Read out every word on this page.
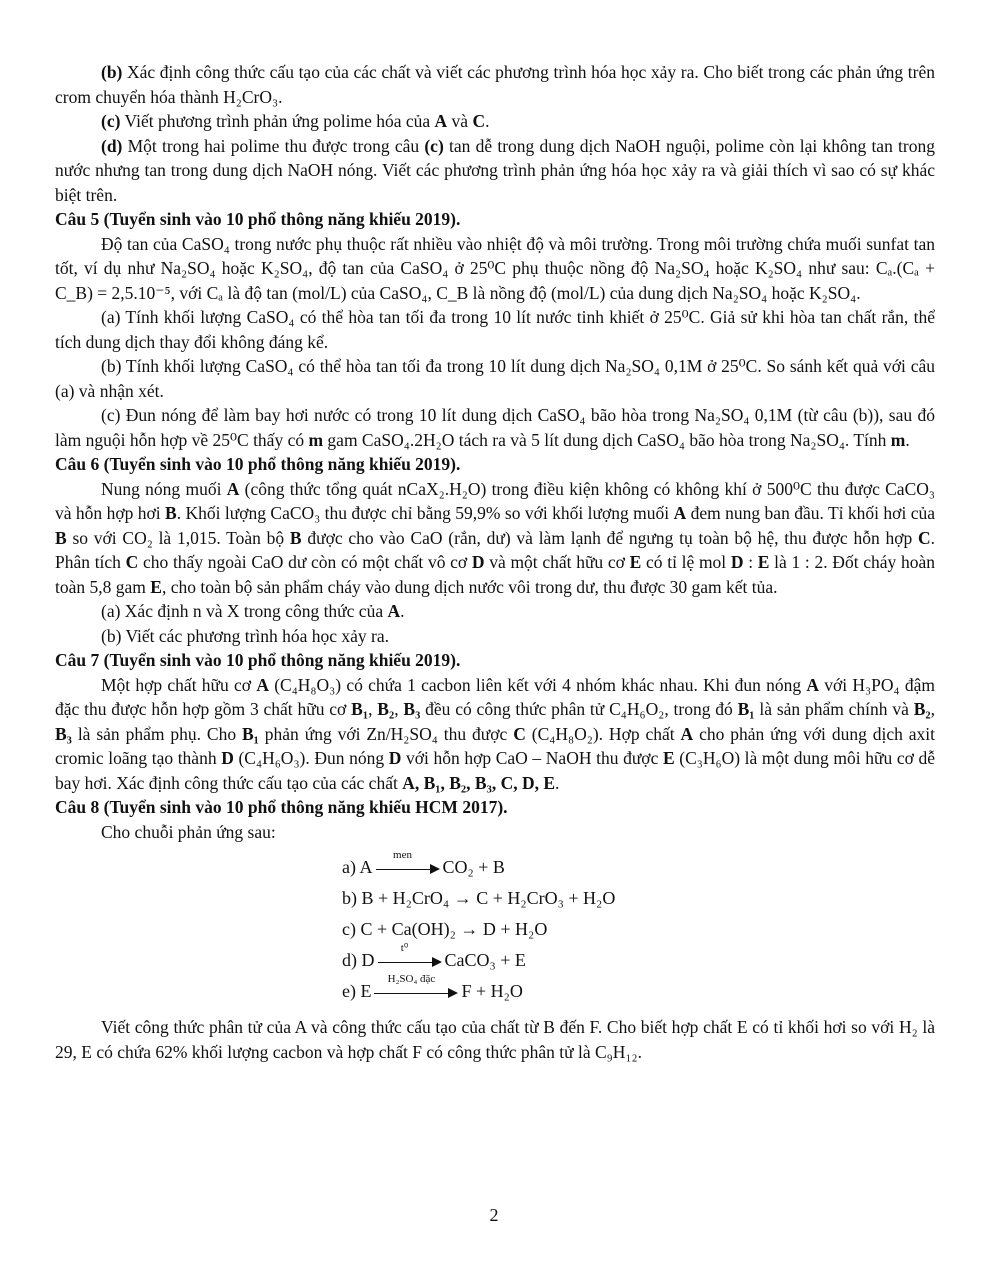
(b) Xác định công thức cấu tạo của các chất và viết các phương trình hóa học xảy ra. Cho biết trong các phản ứng trên crom chuyển hóa thành H₂CrO₃.

(c) Viết phương trình phản ứng polime hóa của A và C.

(d) Một trong hai polime thu được trong câu (c) tan dễ trong dung dịch NaOH nguội, polime còn lại không tan trong nước nhưng tan trong dung dịch NaOH nóng. Viết các phương trình phản ứng hóa học xảy ra và giải thích vì sao có sự khác biệt trên.

Câu 5 (Tuyển sinh vào 10 phổ thông năng khiếu 2019).

Độ tan của CaSO₄ trong nước phụ thuộc rất nhiều vào nhiệt độ và môi trường. Trong môi trường chứa muối sunfat tan tốt, ví dụ như Na₂SO₄ hoặc K₂SO₄, độ tan của CaSO₄ ở 25⁰C phụ thuộc nồng độ Na₂SO₄ hoặc K₂SO₄ như sau: Cₐ.(Cₐ + C_B) = 2,5.10⁻⁵, với Cₐ là độ tan (mol/L) của CaSO₄, C_B là nồng độ (mol/L) của dung dịch Na₂SO₄ hoặc K₂SO₄.

(a) Tính khối lượng CaSO₄ có thể hòa tan tối đa trong 10 lít nước tinh khiết ở 25⁰C. Giả sử khi hòa tan chất rắn, thể tích dung dịch thay đổi không đáng kể.

(b) Tính khối lượng CaSO₄ có thể hòa tan tối đa trong 10 lít dung dịch Na₂SO₄ 0,1M ở 25⁰C. So sánh kết quả với câu (a) và nhận xét.

(c) Đun nóng để làm bay hơi nước có trong 10 lít dung dịch CaSO₄ bão hòa trong Na₂SO₄ 0,1M (từ câu (b)), sau đó làm nguội hỗn hợp về 25⁰C thấy có m gam CaSO₄.2H₂O tách ra và 5 lít dung dịch CaSO₄ bão hòa trong Na₂SO₄. Tính m.

Câu 6 (Tuyển sinh vào 10 phổ thông năng khiếu 2019).

Nung nóng muối A (công thức tổng quát nCaX₂.H₂O) trong điều kiện không có không khí ở 500⁰C thu được CaCO₃ và hỗn hợp hơi B. Khối lượng CaCO₃ thu được chỉ bằng 59,9% so với khối lượng muối A đem nung ban đầu. Tỉ khối hơi của B so với CO₂ là 1,015. Toàn bộ B được cho vào CaO (rắn, dư) và làm lạnh để ngưng tụ toàn bộ hệ, thu được hỗn hợp C. Phân tích C cho thấy ngoài CaO dư còn có một chất vô cơ D và một chất hữu cơ E có tỉ lệ mol D : E là 1 : 2. Đốt cháy hoàn toàn 5,8 gam E, cho toàn bộ sản phẩm cháy vào dung dịch nước vôi trong dư, thu được 30 gam kết tủa.

(a) Xác định n và X trong công thức của A.

(b) Viết các phương trình hóa học xảy ra.

Câu 7 (Tuyển sinh vào 10 phổ thông năng khiếu 2019).

Một hợp chất hữu cơ A (C₄H₈O₃) có chứa 1 cacbon liên kết với 4 nhóm khác nhau. Khi đun nóng A với H₃PO₄ đậm đặc thu được hỗn hợp gồm 3 chất hữu cơ B₁, B₂, B₃ đều có công thức phân tử C₄H₆O₂, trong đó B₁ là sản phẩm chính và B₂, B₃ là sản phẩm phụ. Cho B₁ phản ứng với Zn/H₂SO₄ thu được C (C₄H₈O₂). Hợp chất A cho phản ứng với dung dịch axit cromic loãng tạo thành D (C₄H₆O₃). Đun nóng D với hỗn hợp CaO – NaOH thu được E (C₃H₆O) là một dung môi hữu cơ dễ bay hơi. Xác định công thức cấu tạo của các chất A, B₁, B₂, B₃, C, D, E.

Câu 8 (Tuyển sinh vào 10 phổ thông năng khiếu HCM 2017).

Cho chuỗi phản ứng sau:

a) A
men
CO₂ + B
b) B + H₂CrO₄ → C + H₂CrO₃ + H₂O
c) C + Ca(OH)₂ → D + H₂O
d) D
t⁰
CaCO₃ + E
e) E
H₂SO₄ đặc
F + H₂O

Viết công thức phân tử của A và công thức cấu tạo của chất từ B đến F. Cho biết hợp chất E có tỉ khối hơi so với H₂ là 29, E có chứa 62% khối lượng cacbon và hợp chất F có công thức phân tử là C₉H₁₂.

2
